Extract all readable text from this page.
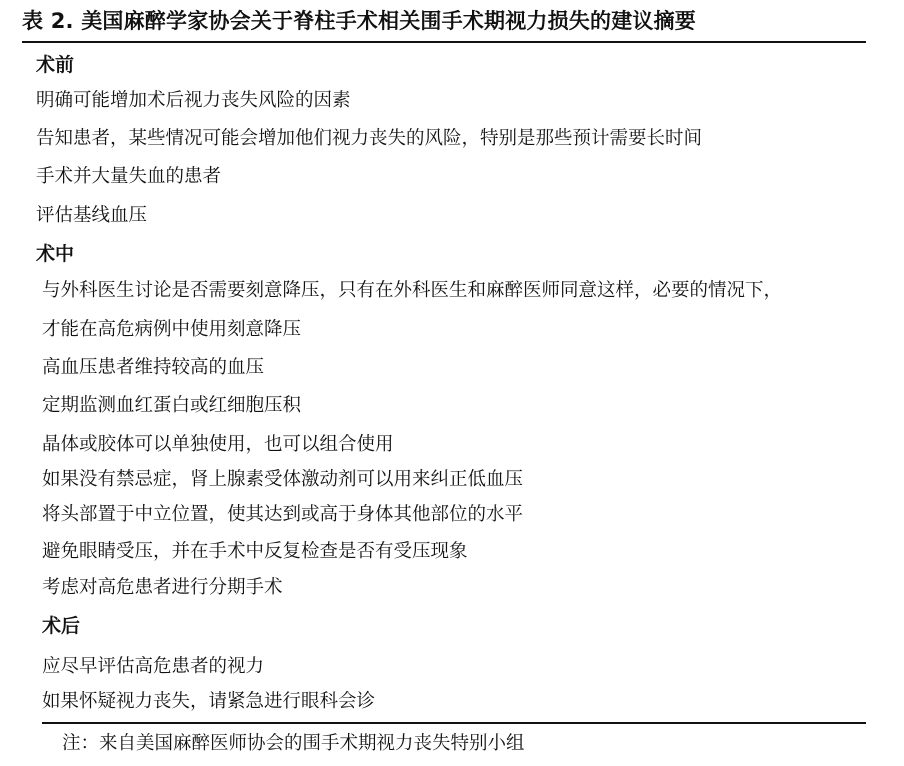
表 2. 美国麻醉学家协会关于脊柱手术相关围手术期视力损失的建议摘要
术前
明确可能增加术后视力丧失风险的因素
告知患者，某些情况可能会增加他们视力丧失的风险，特别是那些预计需要长时间
手术并大量失血的患者
评估基线血压
术中
与外科医生讨论是否需要刻意降压，只有在外科医生和麻醉医师同意这样，必要的情况下，
才能在高危病例中使用刻意降压
高血压患者维持较高的血压
定期监测血红蛋白或红细胞压积
晶体或胶体可以单独使用，也可以组合使用
如果没有禁忌症，肾上腺素受体激动剂可以用来纠正低血压
将头部置于中立位置，使其达到或高于身体其他部位的水平
避免眼睛受压，并在手术中反复检查是否有受压现象
考虑对高危患者进行分期手术
术后
应尽早评估高危患者的视力
如果怀疑视力丧失，请紧急进行眼科会诊
注：来自美国麻醉医师协会的围手术期视力丧失特别小组
